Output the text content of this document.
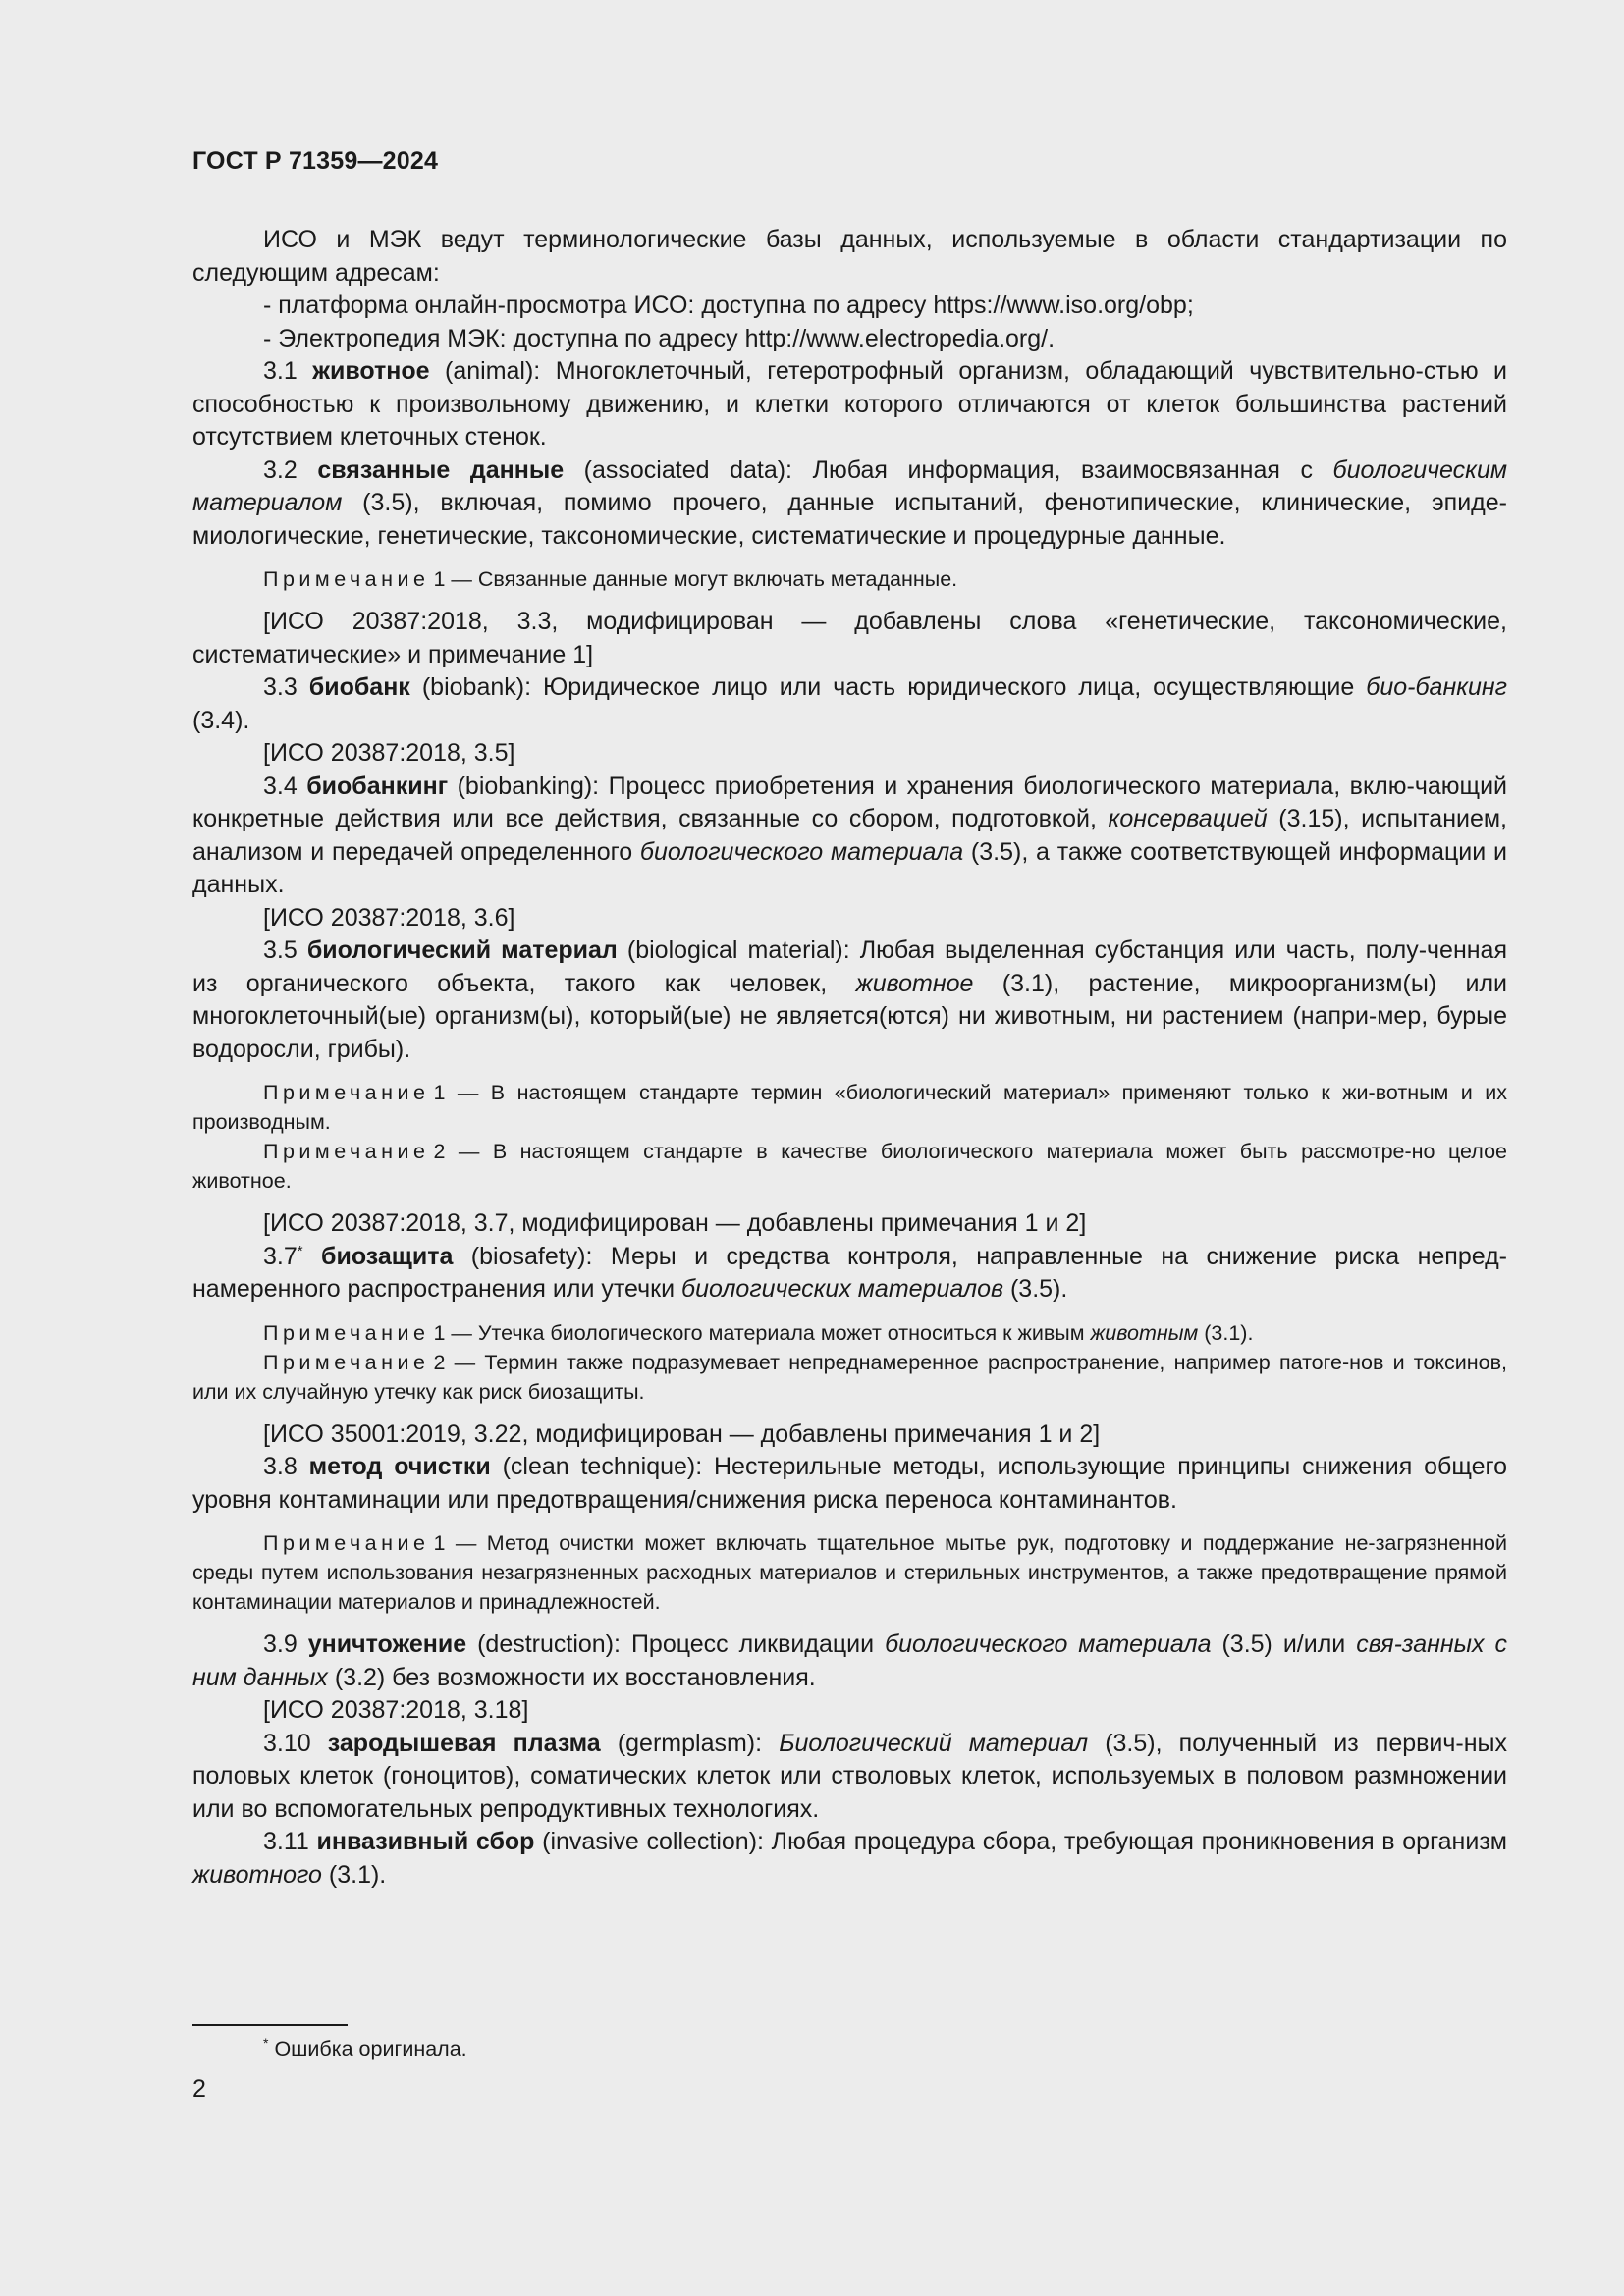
ГОСТ Р 71359—2024

ИСО и МЭК ведут терминологические базы данных, используемые в области стандартизации по следующим адресам:

- платформа онлайн-просмотра ИСО: доступна по адресу https://www.iso.org/obp;

- Электропедия МЭК: доступна по адресу http://www.electropedia.org/.

3.1 животное (animal): Многоклеточный, гетеротрофный организм, обладающий чувствительно-стью и способностью к произвольному движению, и клетки которого отличаются от клеток большинства растений отсутствием клеточных стенок.

3.2 связанные данные (associated data): Любая информация, взаимосвязанная с биологическим материалом (3.5), включая, помимо прочего, данные испытаний, фенотипические, клинические, эпиде-миологические, генетические, таксономические, систематические и процедурные данные.

Примечание 1 — Связанные данные могут включать метаданные.

[ИСО 20387:2018, 3.3, модифицирован — добавлены слова «генетические, таксономические, систематические» и примечание 1]

3.3 биобанк (biobank): Юридическое лицо или часть юридического лица, осуществляющие био-банкинг (3.4).

[ИСО 20387:2018, 3.5]

3.4 биобанкинг (biobanking): Процесс приобретения и хранения биологического материала, вклю-чающий конкретные действия или все действия, связанные со сбором, подготовкой, консервацией (3.15), испытанием, анализом и передачей определенного биологического материала (3.5), а также соответствующей информации и данных.

[ИСО 20387:2018, 3.6]

3.5 биологический материал (biological material): Любая выделенная субстанция или часть, полу-ченная из органического объекта, такого как человек, животное (3.1), растение, микроорганизм(ы) или многоклеточный(ые) организм(ы), который(ые) не является(ются) ни животным, ни растением (напри-мер, бурые водоросли, грибы).

Примечание 1 — В настоящем стандарте термин «биологический материал» применяют только к жи-вотным и их производным.

Примечание 2 — В настоящем стандарте в качестве биологического материала может быть рассмотре-но целое животное.

[ИСО 20387:2018, 3.7, модифицирован — добавлены примечания 1 и 2]

3.7* биозащита (biosafety): Меры и средства контроля, направленные на снижение риска непред-намеренного распространения или утечки биологических материалов (3.5).

Примечание 1 — Утечка биологического материала может относиться к живым животным (3.1).

Примечание 2 — Термин также подразумевает непреднамеренное распространение, например патоге-нов и токсинов, или их случайную утечку как риск биозащиты.

[ИСО 35001:2019, 3.22, модифицирован — добавлены примечания 1 и 2]

3.8 метод очистки (clean technique): Нестерильные методы, использующие принципы снижения общего уровня контаминации или предотвращения/снижения риска переноса контаминантов.

Примечание 1 — Метод очистки может включать тщательное мытье рук, подготовку и поддержание не-загрязненной среды путем использования незагрязненных расходных материалов и стерильных инструментов, а также предотвращение прямой контаминации материалов и принадлежностей.

3.9 уничтожение (destruction): Процесс ликвидации биологического материала (3.5) и/или свя-занных с ним данных (3.2) без возможности их восстановления.

[ИСО 20387:2018, 3.18]

3.10 зародышевая плазма (germplasm): Биологический материал (3.5), полученный из первич-ных половых клеток (гоноцитов), соматических клеток или стволовых клеток, используемых в половом размножении или во вспомогательных репродуктивных технологиях.

3.11 инвазивный сбор (invasive collection): Любая процедура сбора, требующая проникновения в организм животного (3.1).

* Ошибка оригинала.
2
